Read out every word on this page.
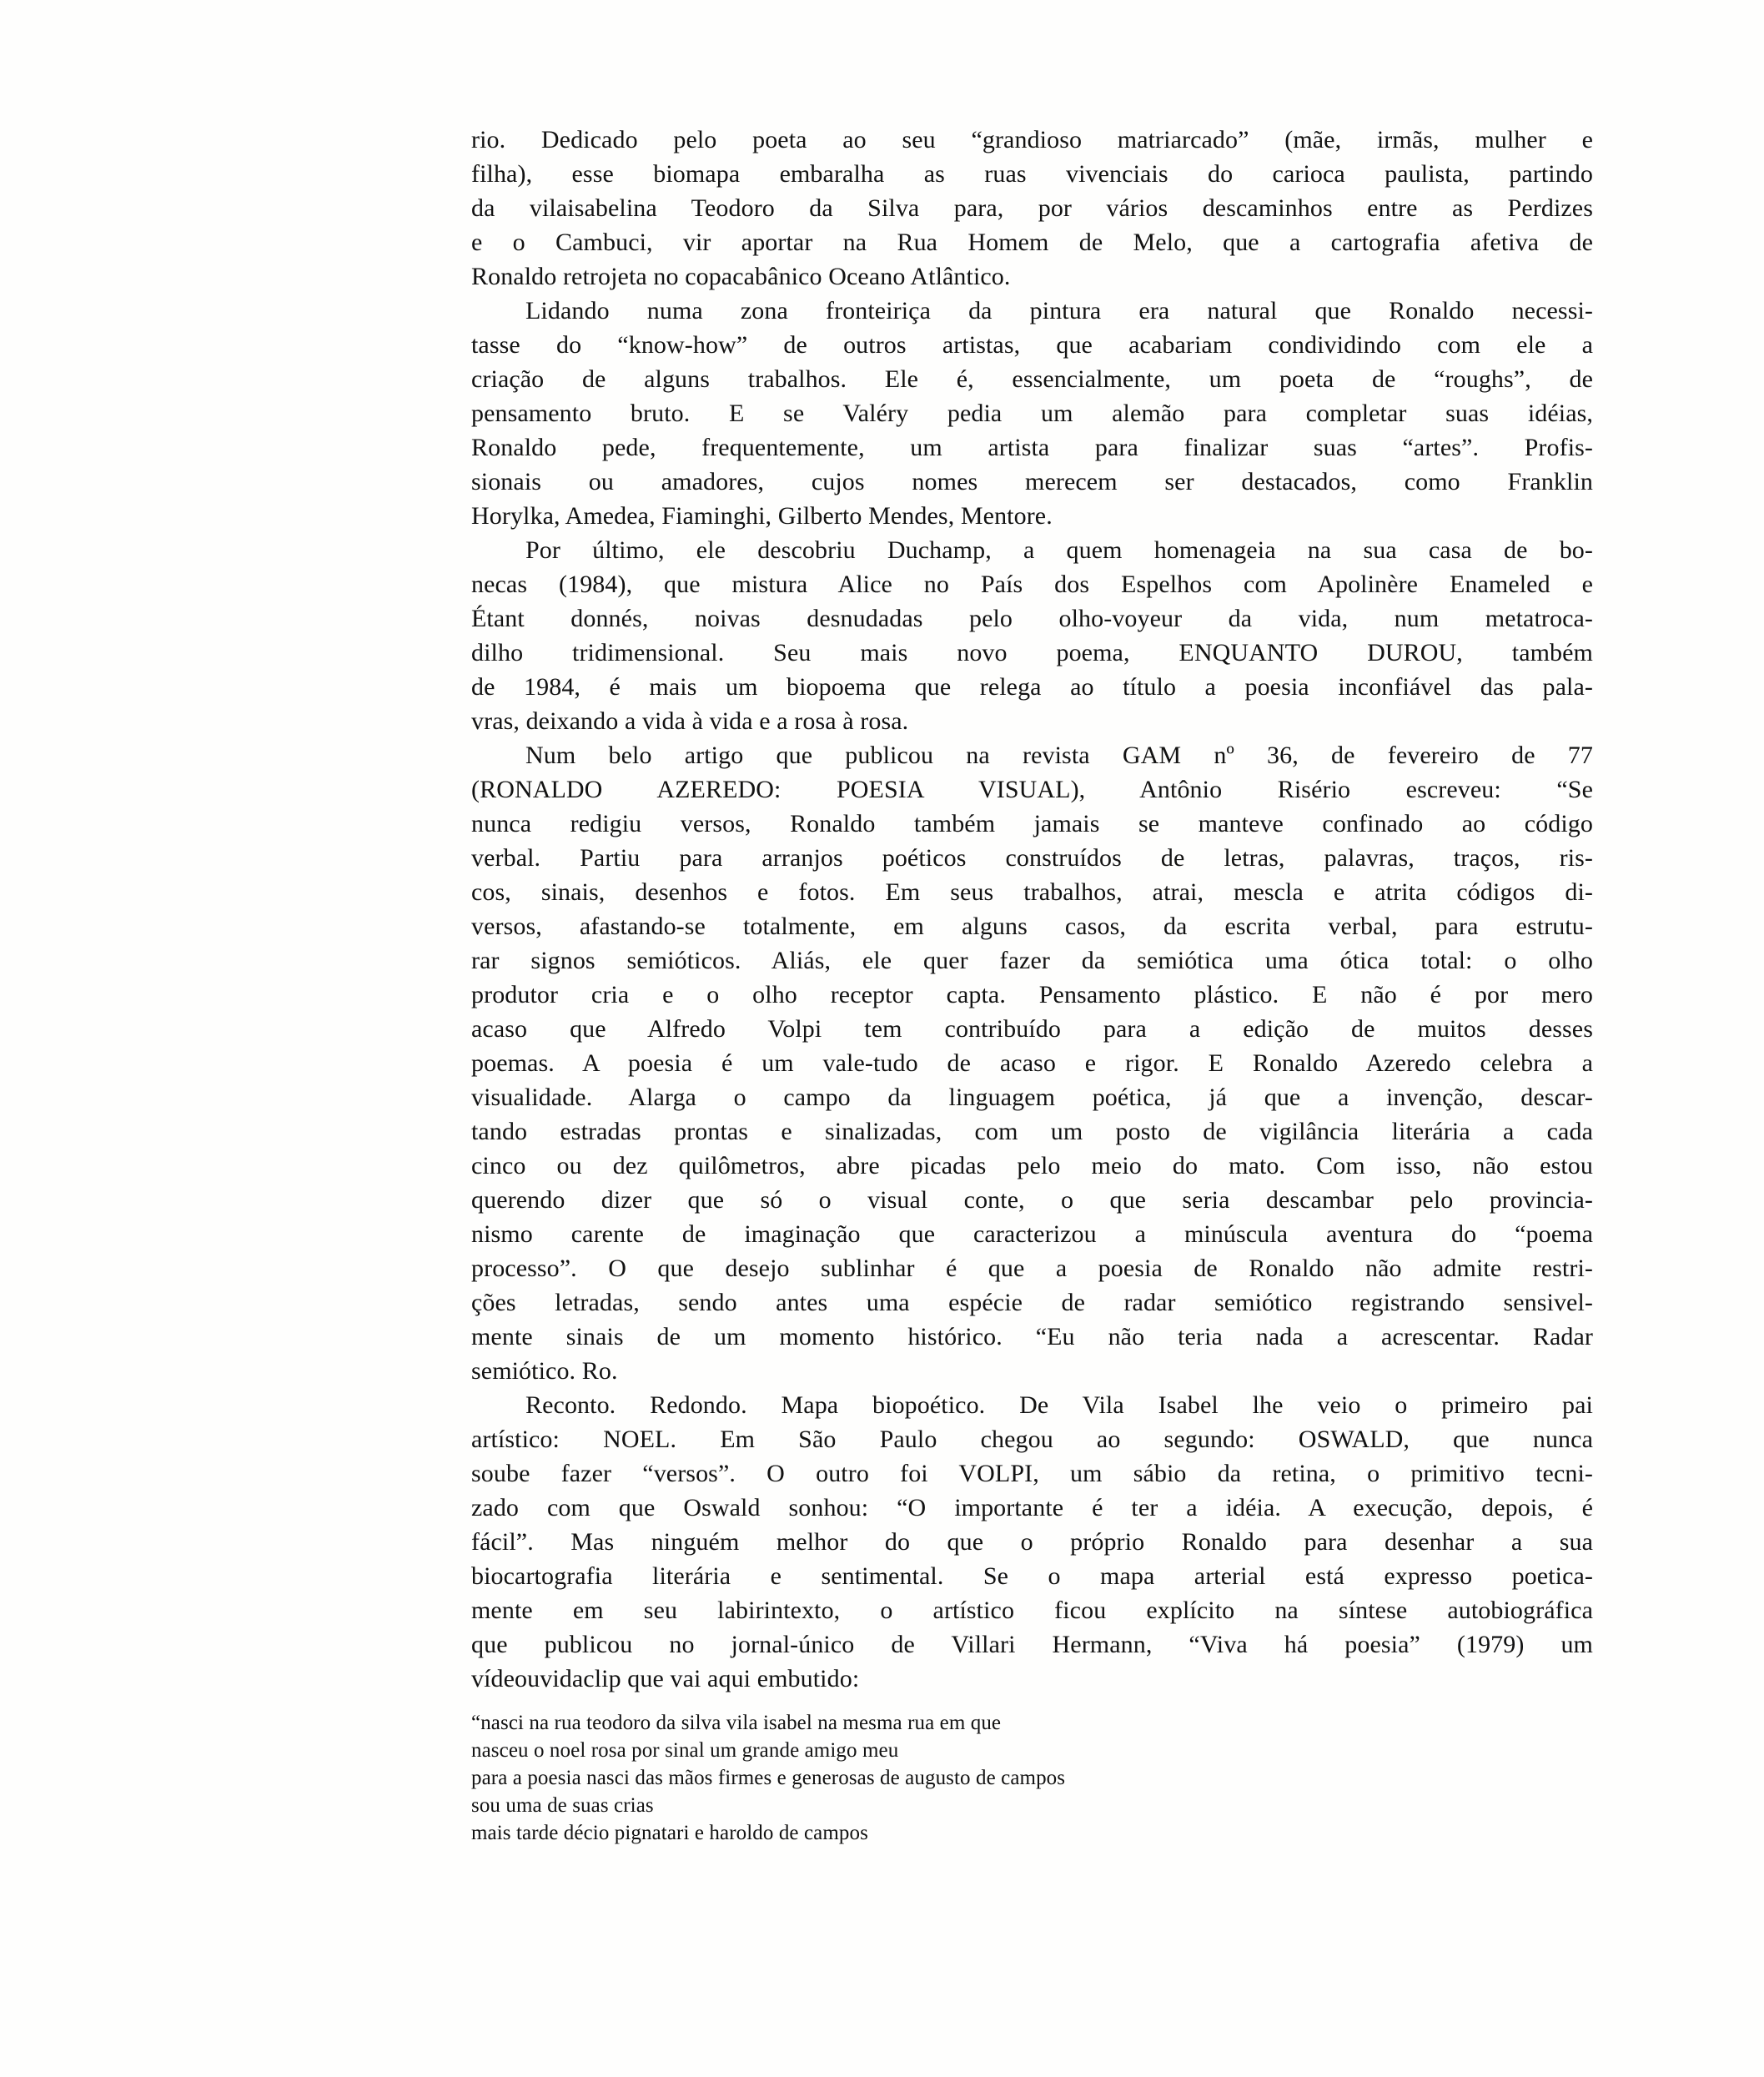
rio. Dedicado pelo poeta ao seu “grandioso matriarcado” (mãe, irmãs, mulher e
filha), esse biomapa embaralha as ruas vivenciais do carioca paulista, partindo
da vilaisabelina Teodoro da Silva para, por vários descaminhos entre as Perdizes
e o Cambuci, vir aportar na Rua Homem de Melo, que a cartografia afetiva de
Ronaldo retrojeta no copacabânico Oceano Atlântico.
Lidando numa zona fronteiriça da pintura era natural que Ronaldo necessi-
tasse do “know-how” de outros artistas, que acabariam condividindo com ele a
criação de alguns trabalhos. Ele é, essencialmente, um poeta de “roughs”, de
pensamento bruto. E se Valéry pedia um alemão para completar suas idéias,
Ronaldo pede, frequentemente, um artista para finalizar suas “artes”. Profis-
sionais ou amadores, cujos nomes merecem ser destacados, como Franklin
Horylka, Amedea, Fiaminghi, Gilberto Mendes, Mentore.
Por último, ele descobriu Duchamp, a quem homenageia na sua casa de bo-
necas (1984), que mistura Alice no País dos Espelhos com Apolinère Enameled e
Étant donnés, noivas desnudadas pelo olho-voyeur da vida, num metatroca-
dilho tridimensional. Seu mais novo poema, ENQUANTO DUROU, também
de 1984, é mais um biopoema que relega ao título a poesia inconfiável das pala-
vras, deixando a vida à vida e a rosa à rosa.
Num belo artigo que publicou na revista GAM nº 36, de fevereiro de 77
(RONALDO AZEREDO: POESIA VISUAL), Antônio Risério escreveu: “Se
nunca redigiu versos, Ronaldo também jamais se manteve confinado ao código
verbal. Partiu para arranjos poéticos construídos de letras, palavras, traços, ris-
cos, sinais, desenhos e fotos. Em seus trabalhos, atrai, mescla e atrita códigos di-
versos, afastando-se totalmente, em alguns casos, da escrita verbal, para estrutu-
rar signos semióticos. Aliás, ele quer fazer da semiótica uma ótica total: o olho
produtor cria e o olho receptor capta. Pensamento plástico. E não é por mero
acaso que Alfredo Volpi tem contribuído para a edição de muitos desses
poemas. A poesia é um vale-tudo de acaso e rigor. E Ronaldo Azeredo celebra a
visualidade. Alarga o campo da linguagem poética, já que a invenção, descar-
tando estradas prontas e sinalizadas, com um posto de vigilância literária a cada
cinco ou dez quilômetros, abre picadas pelo meio do mato. Com isso, não estou
querendo dizer que só o visual conte, o que seria descambar pelo provincia-
nismo carente de imaginação que caracterizou a minúscula aventura do “poema
processo”. O que desejo sublinhar é que a poesia de Ronaldo não admite restri-
ções letradas, sendo antes uma espécie de radar semiótico registrando sensivel-
mente sinais de um momento histórico. “Eu não teria nada a acrescentar. Radar
semiótico. Ro.
Reconto. Redondo. Mapa biopoético. De Vila Isabel lhe veio o primeiro pai
artístico: NOEL. Em São Paulo chegou ao segundo: OSWALD, que nunca
soube fazer “versos”. O outro foi VOLPI, um sábio da retina, o primitivo tecni-
zado com que Oswald sonhou: “O importante é ter a idéia. A execução, depois, é
fácil”. Mas ninguém melhor do que o próprio Ronaldo para desenhar a sua
biocartografia literária e sentimental. Se o mapa arterial está expresso poetica-
mente em seu labirintexto, o artístico ficou explícito na síntese autobiográfica
que publicou no jornal-único de Villari Hermann, “Viva há poesia” (1979) um
vídeouvidaclip que vai aqui embutido:
“nasci na rua teodoro da silva vila isabel na mesma rua em que
nasceu o noel rosa por sinal um grande amigo meu
para a poesia nasci das mãos firmes e generosas de augusto de campos
sou uma de suas crias
mais tarde décio pignatari e haroldo de campos
